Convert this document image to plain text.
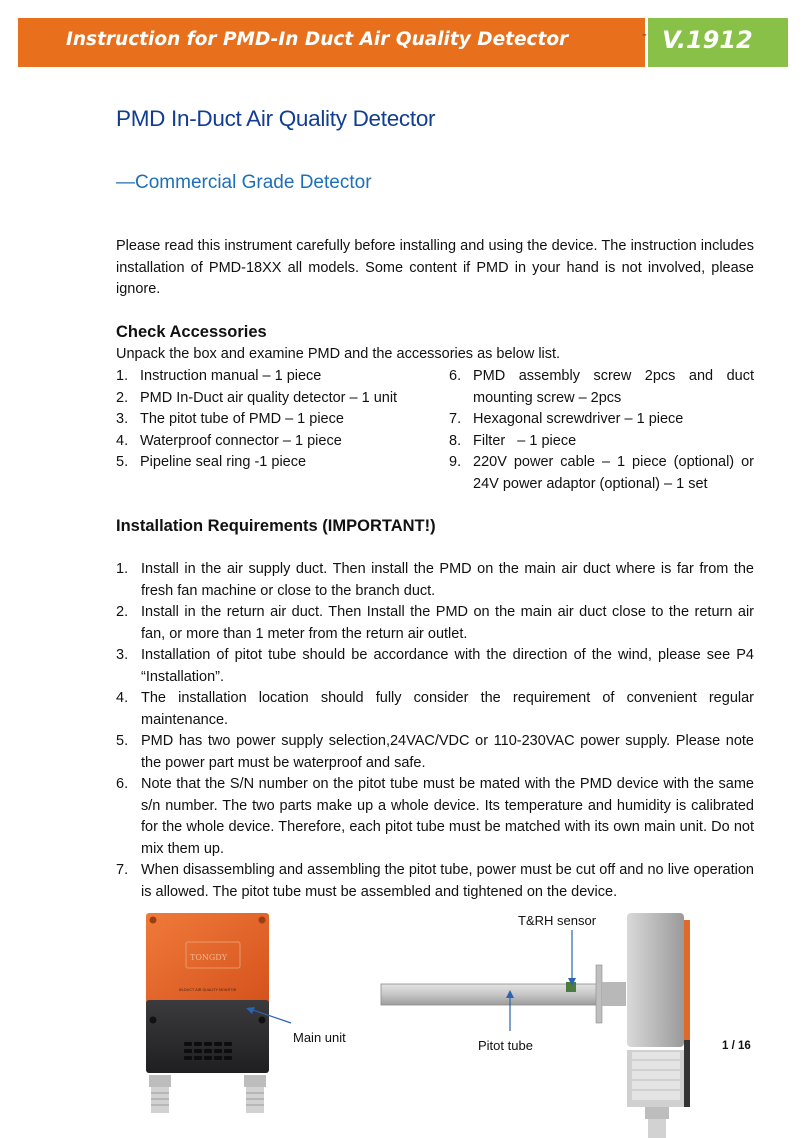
Instruction for PMD-In Duct Air Quality Detector	- V.1912
PMD In-Duct Air Quality Detector
—Commercial Grade Detector
Please read this instrument carefully before installing and using the device. The instruction includes installation of PMD-18XX all models. Some content if PMD in your hand is not involved, please ignore.
Check Accessories
Unpack the box and examine PMD and the accessories as below list.
1. Instruction manual – 1 piece
2. PMD In-Duct air quality detector – 1 unit
3. The pitot tube of PMD – 1 piece
4. Waterproof connector – 1 piece
5. Pipeline seal ring -1 piece
6. PMD assembly screw 2pcs and duct mounting screw – 2pcs
7. Hexagonal screwdriver – 1 piece
8. Filter   – 1 piece
9. 220V power cable – 1 piece (optional) or 24V power adaptor (optional) – 1 set
Installation Requirements (IMPORTANT!)
1. Install in the air supply duct. Then install the PMD on the main air duct where is far from the fresh fan machine or close to the branch duct.
2. Install in the return air duct. Then Install the PMD on the main air duct close to the return air fan, or more than 1 meter from the return air outlet.
3. Installation of pitot tube should be accordance with the direction of the wind, please see P4 “Installation”.
4. The installation location should fully consider the requirement of convenient regular maintenance.
5. PMD has two power supply selection,24VAC/VDC or 110-230VAC power supply. Please note the power part must be waterproof and safe.
6. Note that the S/N number on the pitot tube must be mated with the PMD device with the same s/n number. The two parts make up a whole device. Its temperature and humidity is calibrated for the whole device. Therefore, each pitot tube must be matched with its own main unit. Do not mix them up.
7. When disassembling and assembling the pitot tube, power must be cut off and no live operation is allowed. The pitot tube must be assembled and tightened on the device.
TONGDY
IN-DUCT AIR QUALITY MONITOR
Main unit
T&RH sensor
Pitot tube	1 / 16
